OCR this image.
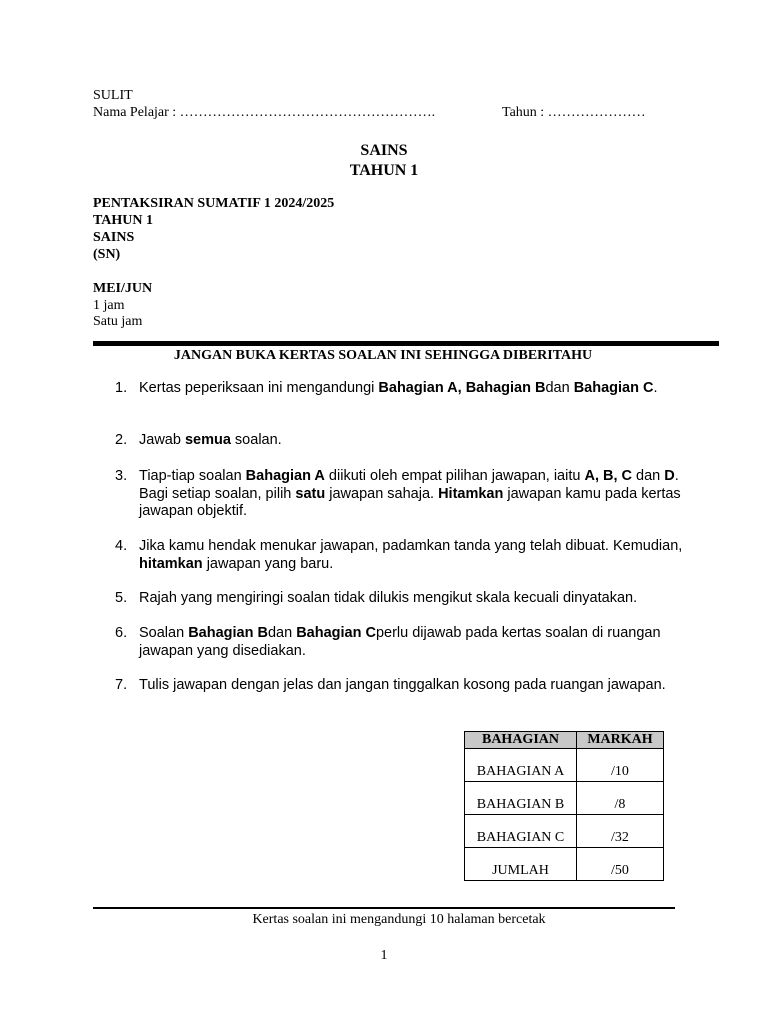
SULIT
Nama Pelajar : ……………………………………………….	Tahun : …………………
SAINS
TAHUN 1
PENTAKSIRAN SUMATIF 1 2024/2025
TAHUN 1
SAINS
(SN)
MEI/JUN
1 jam
Satu jam
JANGAN BUKA KERTAS SOALAN INI SEHINGGA DIBERITAHU
1. Kertas peperiksaan ini mengandungi Bahagian A, Bahagian Bdan Bahagian C.
2. Jawab semua soalan.
3. Tiap-tiap soalan Bahagian A diikuti oleh empat pilihan jawapan, iaitu A, B, C dan D. Bagi setiap soalan, pilih satu jawapan sahaja. Hitamkan jawapan kamu pada kertas jawapan objektif.
4. Jika kamu hendak menukar jawapan, padamkan tanda yang telah dibuat. Kemudian, hitamkan jawapan yang baru.
5. Rajah yang mengiringi soalan tidak dilukis mengikut skala kecuali dinyatakan.
6. Soalan Bahagian Bdan Bahagian Cperlu dijawab pada kertas soalan di ruangan jawapan yang disediakan.
7. Tulis jawapan dengan jelas dan jangan tinggalkan kosong pada ruangan jawapan.
BAHAGIAN	MARKAH
BAHAGIAN A	/10
BAHAGIAN B	/8
BAHAGIAN C	/32
JUMLAH	/50
Kertas soalan ini mengandungi 10 halaman bercetak
1
